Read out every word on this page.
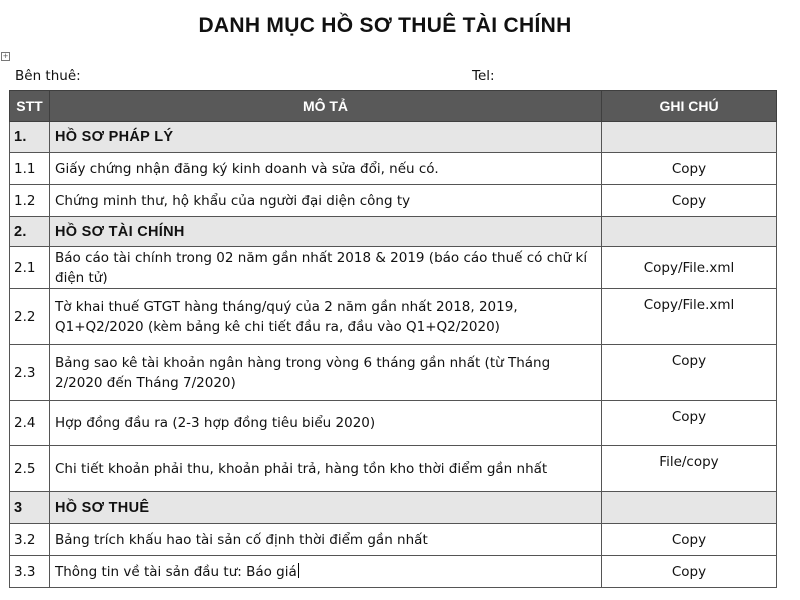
DANH MỤC HỒ SƠ THUÊ TÀI CHÍNH
+
Bên thuê:	Tel:
STT	MÔ TẢ	GHI CHÚ
1.	HỒ SƠ PHÁP LÝ	
1.1	Giấy chứng nhận đăng ký kinh doanh và sửa đổi, nếu có.	Copy
1.2	Chứng minh thư, hộ khẩu của người đại diện công ty	Copy
2.	HỒ SƠ TÀI CHÍNH	
2.1	Báo cáo tài chính trong 02 năm gần nhất 2018 & 2019 (báo cáo thuế có chữ kí điện tử)	Copy/File.xml
2.2	Tờ khai thuế GTGT hàng tháng/quý của 2 năm gần nhất 2018, 2019, Q1+Q2/2020 (kèm bảng kê chi tiết đầu ra, đầu vào Q1+Q2/2020)	Copy/File.xml
2.3	Bảng sao kê tài khoản ngân hàng trong vòng 6 tháng gần nhất (từ Tháng 2/2020 đến Tháng 7/2020)	Copy
2.4	Hợp đồng đầu ra (2-3 hợp đồng tiêu biểu 2020)	Copy
2.5	Chi tiết khoản phải thu, khoản phải trả, hàng tồn kho thời điểm gần nhất	File/copy
3	HỒ SƠ THUÊ	
3.2	Bảng trích khấu hao tài sản cố định thời điểm gần nhất	Copy
3.3	Thông tin về tài sản đầu tư: Báo giá	Copy
